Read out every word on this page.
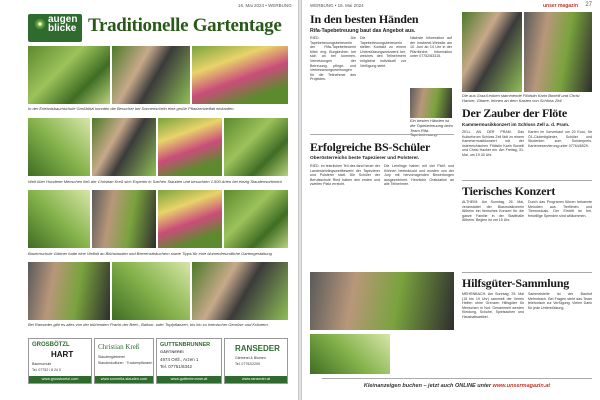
16. Mai 2024 • WERBUNG
augen
blicke Traditionelle Gartentage
In der Erlebnisbaumschule Großbötzl konnten die Besucher bei Sonnenschein eine große Pflanzenvielfalt einkaufen.
Weit über Hunderte Menschen ließ der Christian Kreß sich Expertin in Sachen Stauden und besuchten 1.500 Arten bei einzig Staudensortiment
Bauernschule Gärtner hatte eine Vielfalt an Blühstauden und Beerenstträuchern sowie Tipps für eine blumenfreundliche Gartengestaltung
Bei Ranseder gibt es alles von der blühenden Pracht der Beet-, Balkon- oder Topfpflanzen, bis hin zu heimischer Gemüse und Kräutern.
GROSBÖTZL
HART
Baumschule
Tel. 07752 / 8 24 0
www.grossboetzl.com
Christian Kreß
Staudengärtnerei
Staudenkulturen · Trockenpflanzen
www.sonnetia-stauden.com
GUTTENBRUNNER
GÄRTNEREI
4974 Ortll., Arzen 1
Tel. 07751/8342
www.guttenbrunner.at
RANSEDER
Gärtnerei & Blumen
Tel. 07752/2209
www.ranseder.at
WERBUNG • 16. Mai 2024	unser magazin 27
In den besten Händen
Rifa-Tapebetreuung baut das Angebot aus.
RIED. Die Tapebetreuungsbetreuerin der Rifa-Tapebetreuerin blieb eng Burgkirchen bei sich an bei kommen, Vernetzungen der Betreuung, pflege- und Verbesserungsmeinungen für die Teilnehmer des Projektes.
Die Tapebetreuungsbetreuerin stellen Kontakt zu einem Unterstützungsnetzwerk her, welches den Teilnehmern möglichst individuell zur Verfügung steht.
Nächste Information auf der Innviertel-Website am 10. Juni ab 14 Uhr in der Pfarrkirche, Information unter 07752/83315.
Ein besten Händen ist die Tapebetreuung beim Team Rifa-Tapebetreuung.
Die aus Graz/Leoben stammende Flötistin Karin Bonelli und Chrisi Hacker, Gitarre, lehnen an dem Kasten von Schloss Zell.
Der Zauber der Flöte
Kammermusikkonzert im Schloss Zell a. d. Pram.
ZELL AN DER PRAM. Das Kulturforum Schloss Zell lädt zu einem Kammermusikkonzert mit der österreichischen Flötistin Karin Bonelli und Chrisi Hacker ein. Am Freitag, 31. Mai, um 19.30 Uhr.
Karten im Vorverkauf um 20 Euro, für Ö1-Clubmitglieder, Schüler und Studenten zum Sonderpreis. Kartenreservierung unter 07764/6529.
Erfolgreiche BS-Schüler
Oberösterreichs beste Tapezierer und Polsterer.
RIED. Im feierlichen Teil des fand heuer der Landeslehrlingswettbewerb der Tapezierer und Polsterer statt. Die Schüler der Berufsschule Ried haben den ersten und zweiten Platz erreicht.
Die Lehrlinge haben mit viel Fleiß und Können beeindruckt und wurden von der Jury mit hervorragenden Bewertungen ausgezeichnet. Herzliche Gratulation an alle Teilnehmer.	Tierisches Konzert
ALTHEIM. Am Sonntag, 26. Mai, veranstaltet der Blasmusikverein Altheim ein tierisches Konzert für die ganze Familie in der Stadthalle Altheim. Beginn ist um 15 Uhr.
Durch das Programm führen bekannte Melodien aus Tierfilmen und Tiermusicals. Der Eintritt ist frei, freiwillige Spenden sind willkommen.
Hilfsgüter-Sammlung
MEHRNBACH. Am Sonntag, 25. Mai (15 bis 19 Uhr) sammelt der Verein Helfen ohne Grenzen Hilfsgüter für Menschen in Not. Gesammelt werden Kleidung, Schuhe, Spielsachen und Haushaltsartikel.
Sammelstelle ist der Bauhof Mehrnbach. Bei Fragen steht das Team telefonisch zur Verfügung. Vielen Dank für jede Unterstützung.
Kleinanzeigen buchen – jetzt auch ONLINE unter www.unsermagazin.at
